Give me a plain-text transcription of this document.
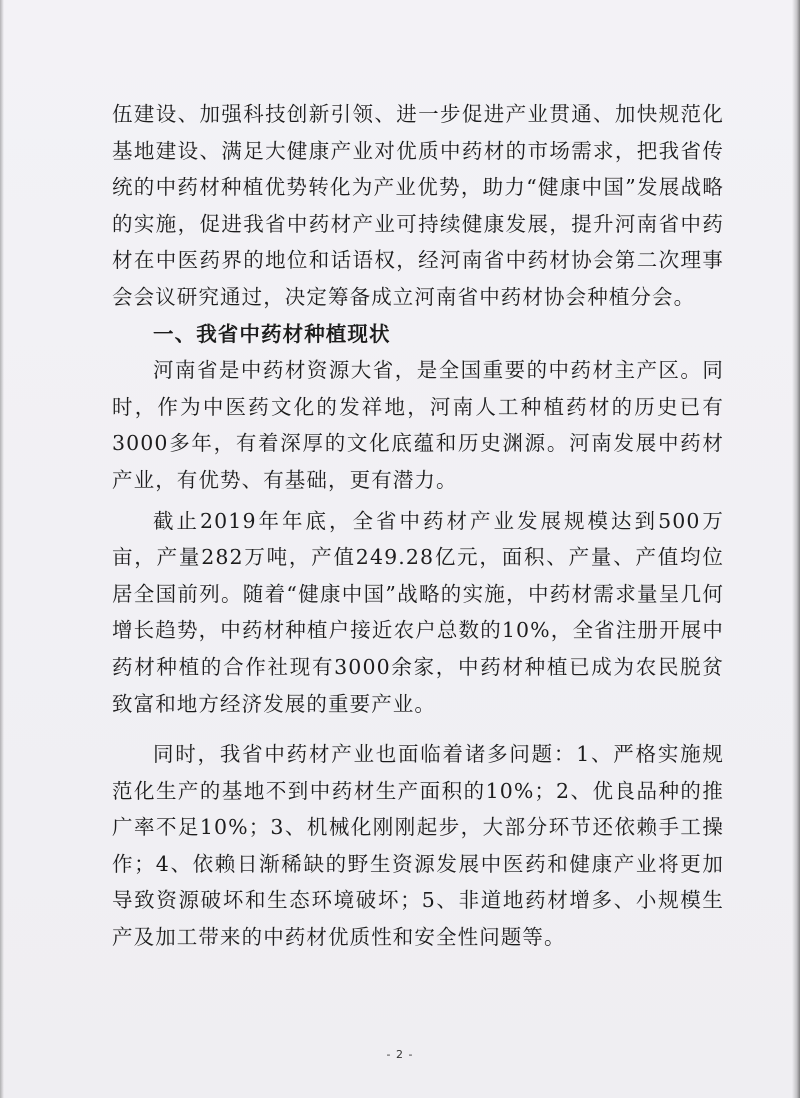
伍建设、加强科技创新引领、进一步促进产业贯通、加快规范化基地建设、满足大健康产业对优质中药材的市场需求，把我省传统的中药材种植优势转化为产业优势，助力“健康中国”发展战略的实施，促进我省中药材产业可持续健康发展，提升河南省中药材在中医药界的地位和话语权，经河南省中药材协会第二次理事会会议研究通过，决定筹备成立河南省中药材协会种植分会。

一、我省中药材种植现状

河南省是中药材资源大省，是全国重要的中药材主产区。同时，作为中医药文化的发祥地，河南人工种植药材的历史已有3000多年，有着深厚的文化底蕴和历史渊源。河南发展中药材产业，有优势、有基础，更有潜力。

截止2019年年底，全省中药材产业发展规模达到500万亩，产量282万吨，产值249.28亿元，面积、产量、产值均位居全国前列。随着“健康中国”战略的实施，中药材需求量呈几何增长趋势，中药材种植户接近农户总数的10%，全省注册开展中药材种植的合作社现有3000余家，中药材种植已成为农民脱贫致富和地方经济发展的重要产业。

同时，我省中药材产业也面临着诸多问题：1、严格实施规范化生产的基地不到中药材生产面积的10%；2、优良品种的推广率不足10%；3、机械化刚刚起步，大部分环节还依赖手工操作；4、依赖日渐稀缺的野生资源发展中医药和健康产业将更加导致资源破坏和生态环境破坏；5、非道地药材增多、小规模生产及加工带来的中药材优质性和安全性问题等。

- 2 -
